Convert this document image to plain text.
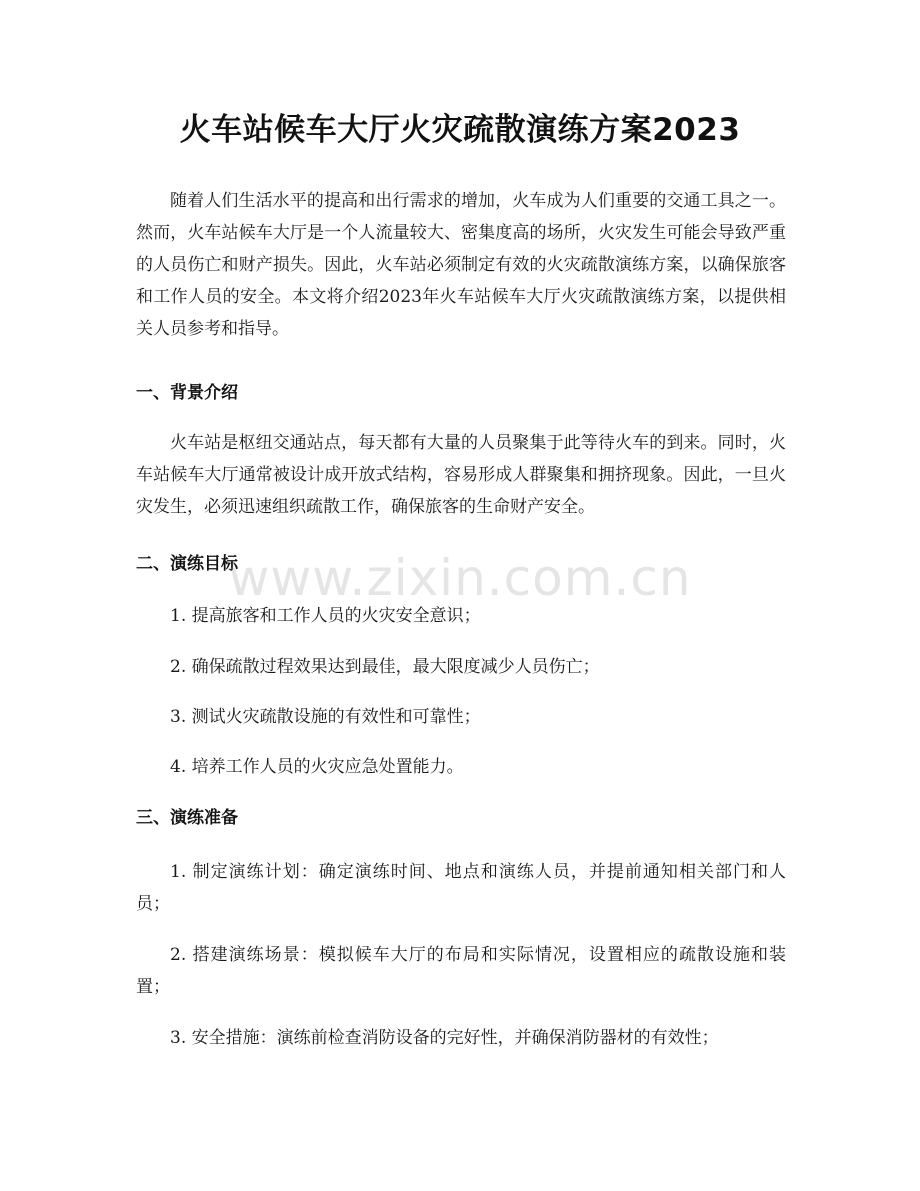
火车站候车大厅火灾疏散演练方案2023

随着人们生活水平的提高和出行需求的增加，火车成为人们重要的交通工具之一。然而，火车站候车大厅是一个人流量较大、密集度高的场所，火灾发生可能会导致严重的人员伤亡和财产损失。因此，火车站必须制定有效的火灾疏散演练方案，以确保旅客和工作人员的安全。本文将介绍2023年火车站候车大厅火灾疏散演练方案，以提供相关人员参考和指导。

一、背景介绍

火车站是枢纽交通站点，每天都有大量的人员聚集于此等待火车的到来。同时，火车站候车大厅通常被设计成开放式结构，容易形成人群聚集和拥挤现象。因此，一旦火灾发生，必须迅速组织疏散工作，确保旅客的生命财产安全。

二、演练目标

1. 提高旅客和工作人员的火灾安全意识；

2. 确保疏散过程效果达到最佳，最大限度减少人员伤亡；

3. 测试火灾疏散设施的有效性和可靠性；

4. 培养工作人员的火灾应急处置能力。

三、演练准备

1. 制定演练计划：确定演练时间、地点和演练人员，并提前通知相关部门和人员；

2. 搭建演练场景：模拟候车大厅的布局和实际情况，设置相应的疏散设施和装置；

3. 安全措施：演练前检查消防设备的完好性，并确保消防器材的有效性；

www.zixin.com.cn
